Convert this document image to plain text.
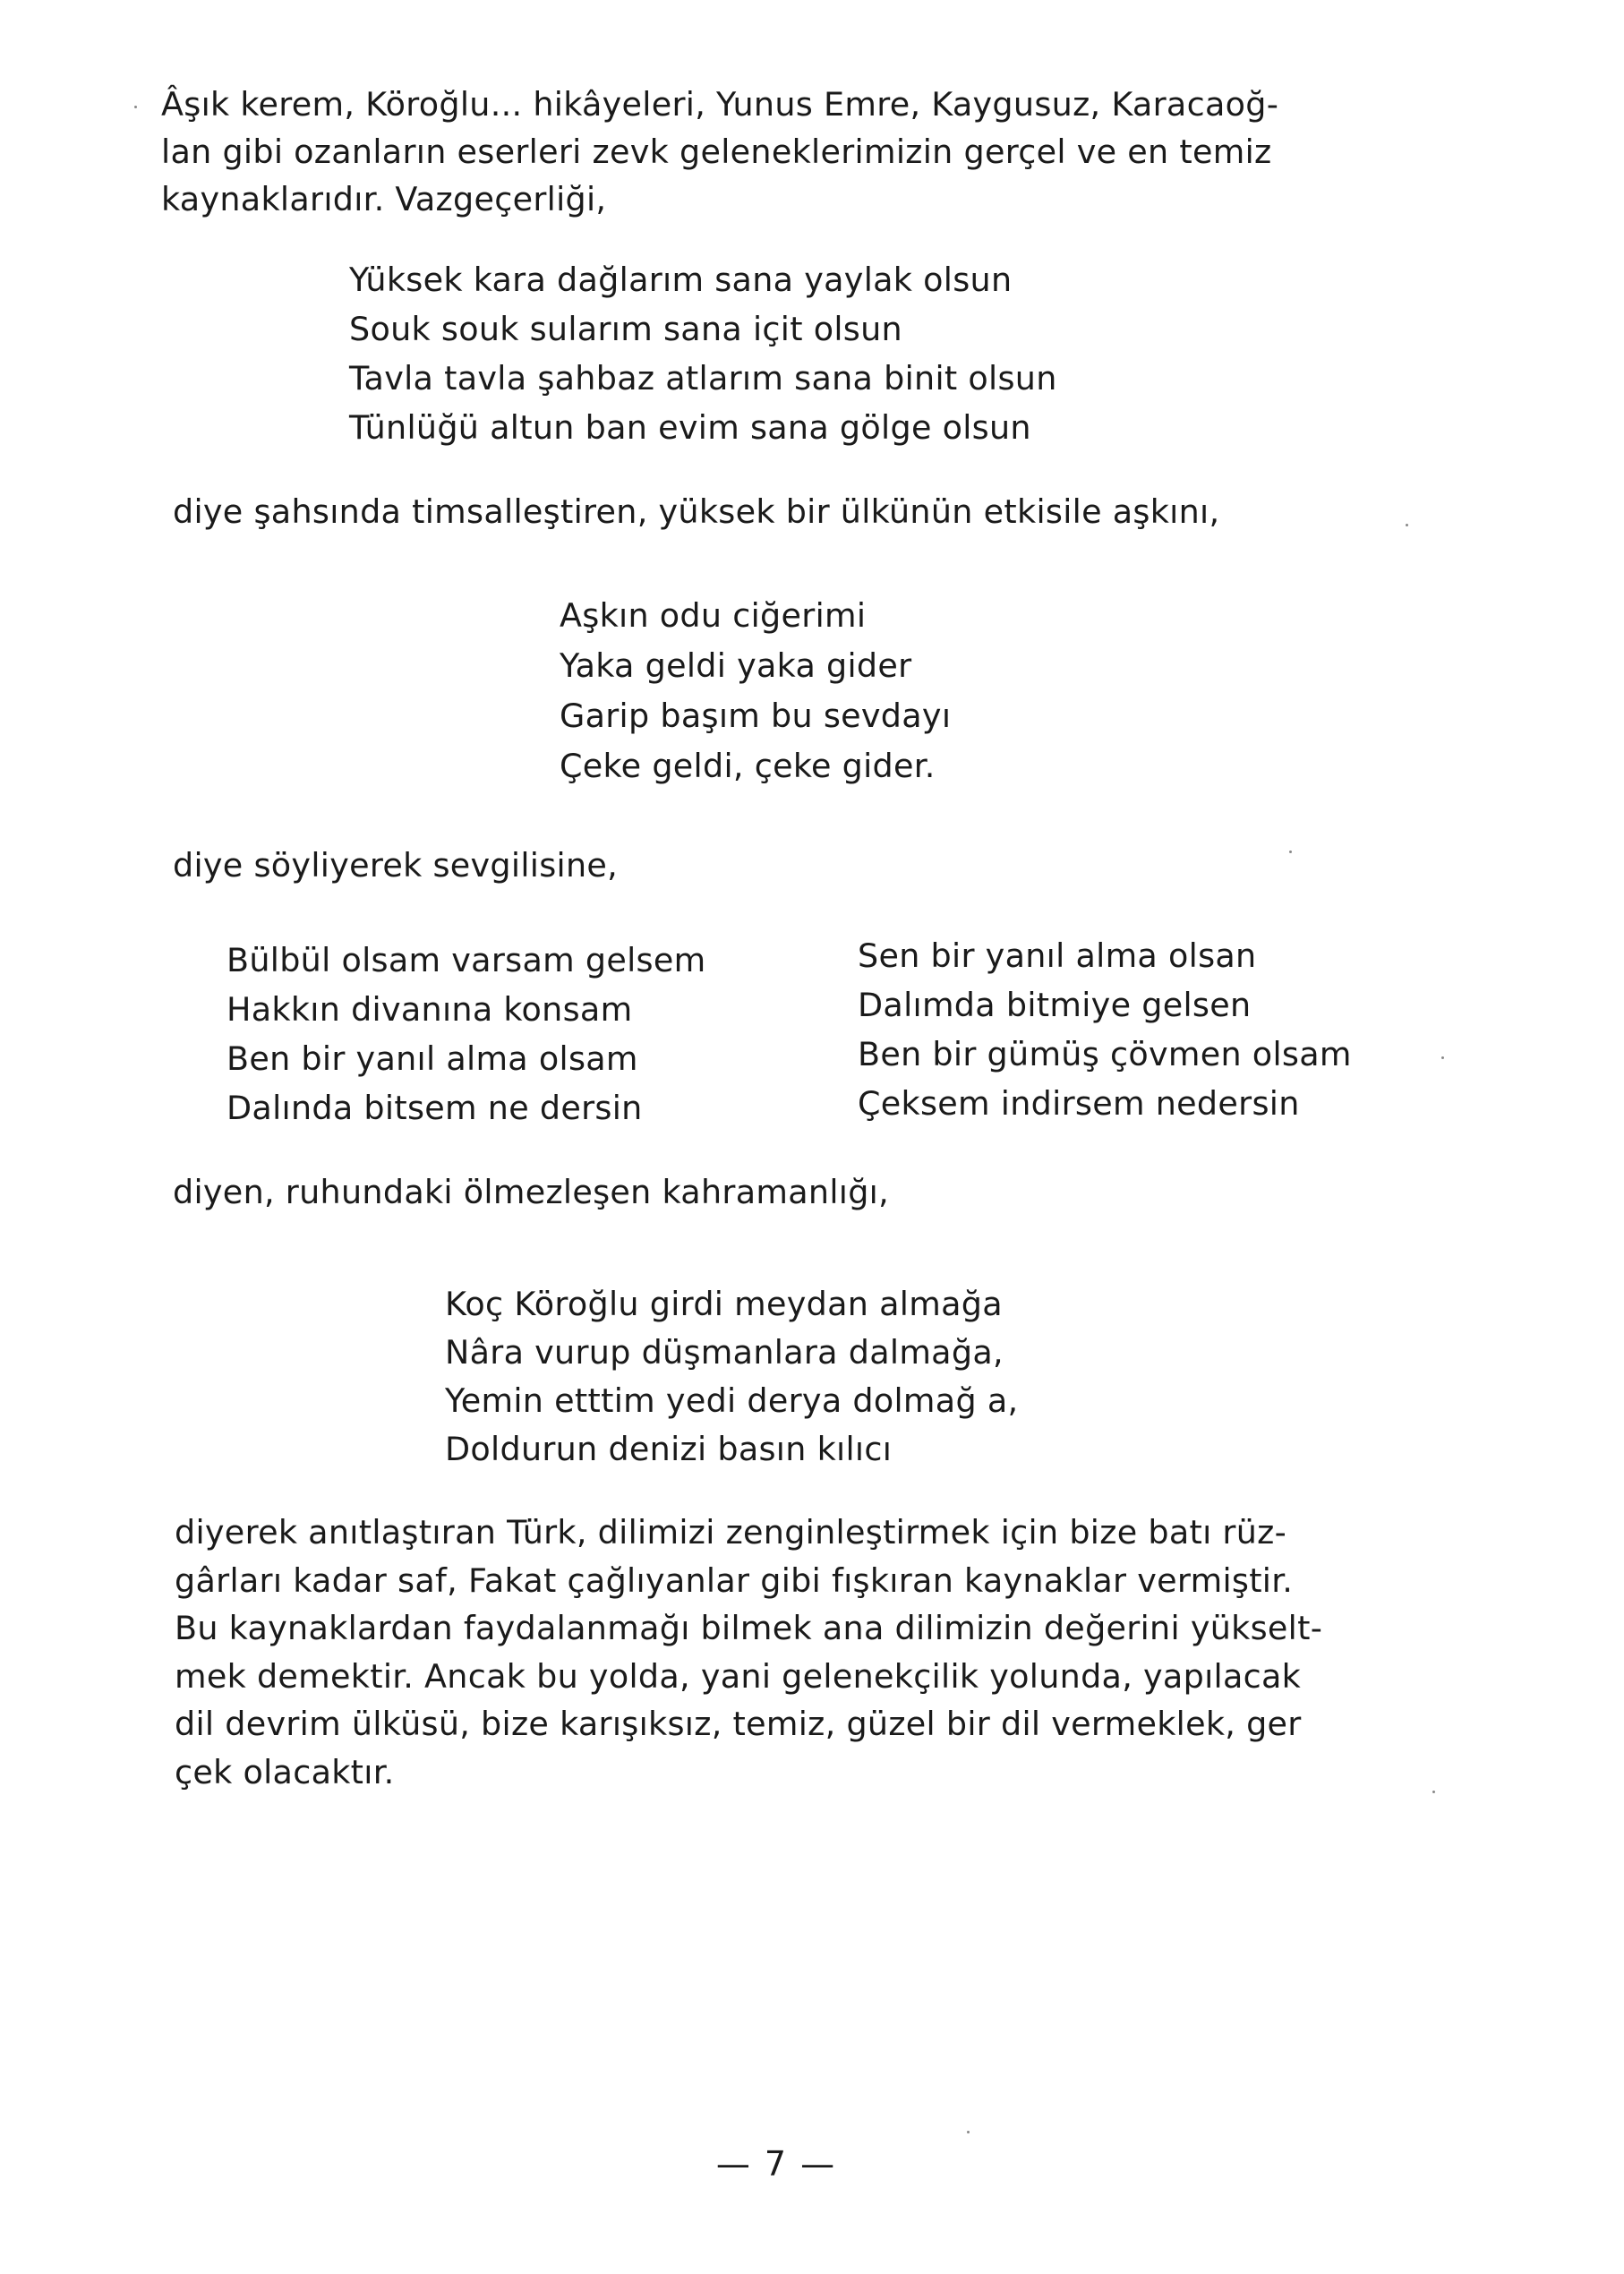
Âşık kerem, Köroğlu... hikâyeleri, Yunus Emre, Kaygusuz, Karacaoğ-
lan gibi ozanların eserleri zevk geleneklerimizin gerçel ve en temiz
kaynaklarıdır. Vazgeçerliği,
Yüksek kara dağlarım sana yaylak olsun
Souk souk sularım sana içit olsun
Tavla tavla şahbaz atlarım sana binit olsun
Tünlüğü altun ban evim sana gölge olsun
diye şahsında timsalleştiren, yüksek bir ülkünün etkisile aşkını,
Aşkın odu ciğerimi
Yaka geldi yaka gider
Garip başım bu sevdayı
Çeke geldi, çeke gider.
diye söyliyerek sevgilisine,
Bülbül olsam varsam gelsem
Hakkın divanına konsam
Ben bir yanıl alma olsam
Dalında bitsem ne dersin
Sen bir yanıl alma olsan
Dalımda bitmiye gelsen
Ben bir gümüş çövmen olsam
Çeksem indirsem nedersin
diyen, ruhundaki ölmezleşen kahramanlığı,
Koç Köroğlu girdi meydan almağa
Nâra vurup düşmanlara dalmağa,
Yemin etttim yedi derya dolmağ a,
Doldurun denizi basın kılıcı
diyerek anıtlaştıran Türk, dilimizi zenginleştirmek için bize batı rüz-
gârları kadar saf, Fakat çağlıyanlar gibi fışkıran kaynaklar vermiştir.
Bu kaynaklardan faydalanmağı bilmek ana dilimizin değerini yükselt-
mek demektir. Ancak bu yolda, yani gelenekçilik yolunda, yapılacak
dil devrim ülküsü, bize karışıksız, temiz, güzel bir dil vermeklek, ger
çek olacaktır.
— 7 —
